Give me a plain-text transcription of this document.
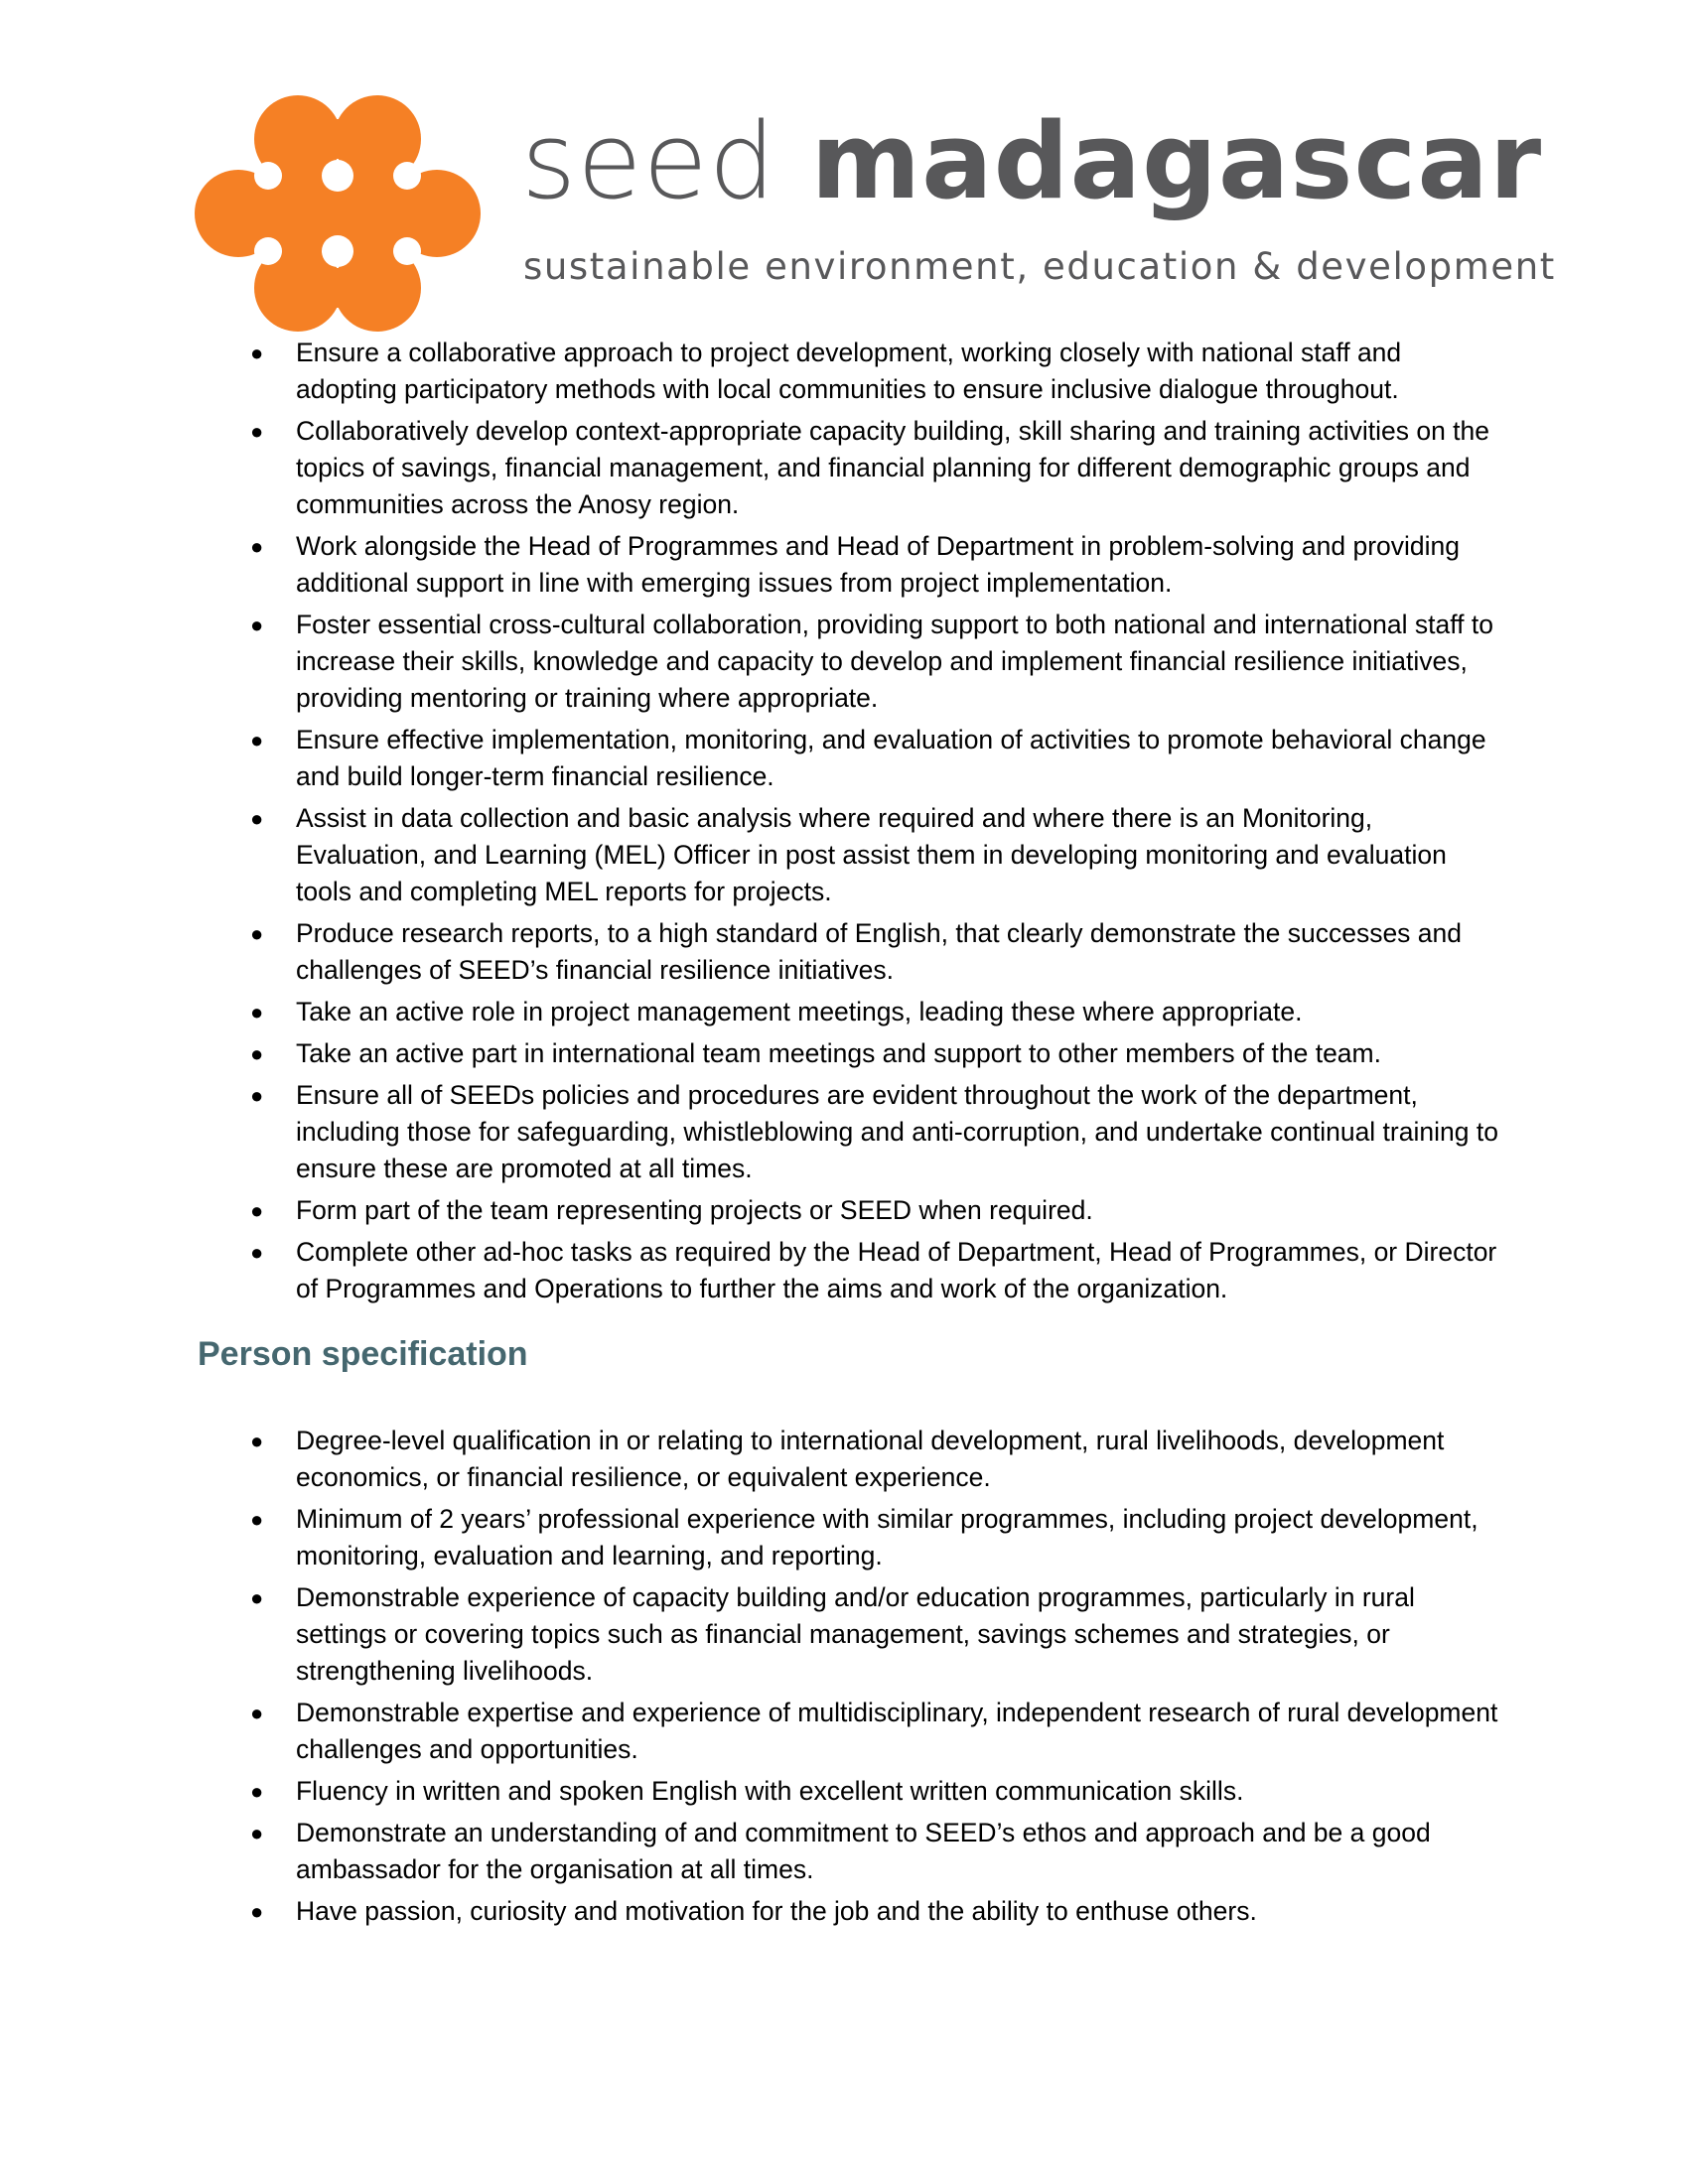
seed madagascar
sustainable environment, education & development
● Ensure a collaborative approach to project development, working closely with national staff and adopting participatory methods with local communities to ensure inclusive dialogue throughout.
● Collaboratively develop context-appropriate capacity building, skill sharing and training activities on the topics of savings, financial management, and financial planning for different demographic groups and communities across the Anosy region.
● Work alongside the Head of Programmes and Head of Department in problem-solving and providing additional support in line with emerging issues from project implementation.
● Foster essential cross-cultural collaboration, providing support to both national and international staff to increase their skills, knowledge and capacity to develop and implement financial resilience initiatives, providing mentoring or training where appropriate.
● Ensure effective implementation, monitoring, and evaluation of activities to promote behavioral change and build longer-term financial resilience.
● Assist in data collection and basic analysis where required and where there is an Monitoring, Evaluation, and Learning (MEL) Officer in post assist them in developing monitoring and evaluation tools and completing MEL reports for projects.
● Produce research reports, to a high standard of English, that clearly demonstrate the successes and challenges of SEED’s financial resilience initiatives.
● Take an active role in project management meetings, leading these where appropriate.
● Take an active part in international team meetings and support to other members of the team.
● Ensure all of SEEDs policies and procedures are evident throughout the work of the department, including those for safeguarding, whistleblowing and anti-corruption, and undertake continual training to ensure these are promoted at all times.
● Form part of the team representing projects or SEED when required.
● Complete other ad-hoc tasks as required by the Head of Department, Head of Programmes, or Director of Programmes and Operations to further the aims and work of the organization.
Person specification
● Degree-level qualification in or relating to international development, rural livelihoods, development economics, or financial resilience, or equivalent experience.
● Minimum of 2 years’ professional experience with similar programmes, including project development, monitoring, evaluation and learning, and reporting.
● Demonstrable experience of capacity building and/or education programmes, particularly in rural settings or covering topics such as financial management, savings schemes and strategies, or strengthening livelihoods.
● Demonstrable expertise and experience of multidisciplinary, independent research of rural development challenges and opportunities.
● Fluency in written and spoken English with excellent written communication skills.
● Demonstrate an understanding of and commitment to SEED’s ethos and approach and be a good ambassador for the organisation at all times.
● Have passion, curiosity and motivation for the job and the ability to enthuse others.
